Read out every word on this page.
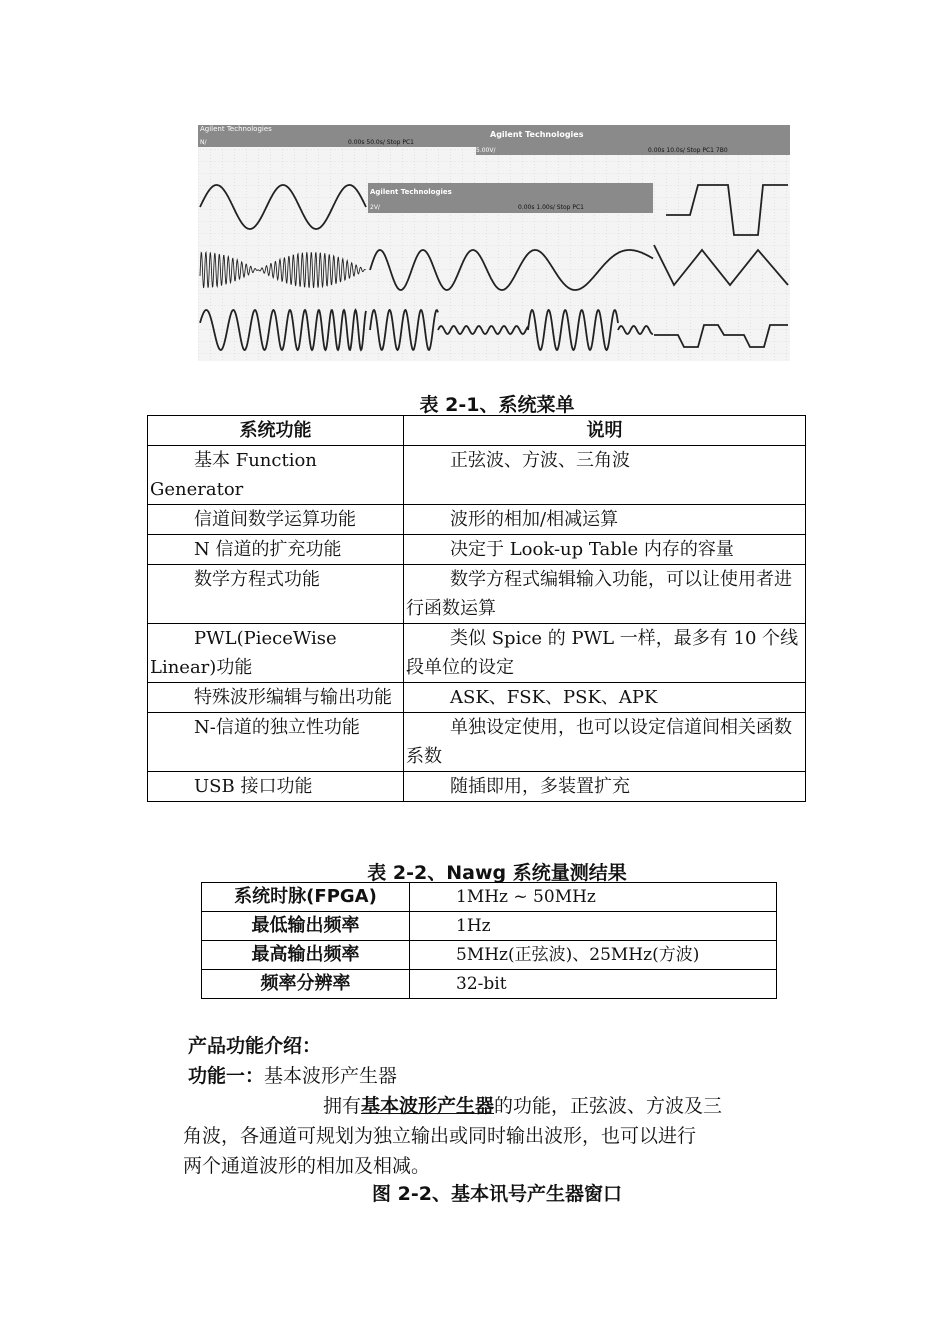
Agilent Technologies
N/	0.00s 50.0s/ Stop PC1
Agilent Technologies
5.00V/	0.00s 10.0s/ Stop PC1 7B0
Agilent Technologies
2V/	0.00s 1.00s/ Stop PC1
表 2-1、系统菜单
系统功能	说明

基本 Function Generator	正弦波、方波、三角波

信道间数学运算功能	波形的相加/相减运算

N 信道的扩充功能	决定于 Look-up Table 内存的容量

数学方程式功能	数学方程式编辑输入功能，可以让使用者进行函数运算

PWL(PieceWise Linear)功能	类似 Spice 的 PWL 一样，最多有 10 个线段单位的设定

特殊波形编辑与输出功能	ASK、FSK、PSK、APK

N-信道的独立性功能	单独设定使用，也可以设定信道间相关函数系数

USB 接口功能	随插即用，多装置扩充
表 2-2、Nawg 系统量测结果
系统时脉(FPGA)	1MHz ~ 50MHz
最低输出频率	1Hz
最高输出频率	5MHz(正弦波)、25MHz(方波)
频率分辨率	32-bit
产品功能介绍：
功能一：基本波形产生器
拥有基本波形产生器的功能，正弦波、方波及三
角波，各通道可规划为独立输出或同时输出波形，也可以进行
两个通道波形的相加及相减。
图 2-2、基本讯号产生器窗口
